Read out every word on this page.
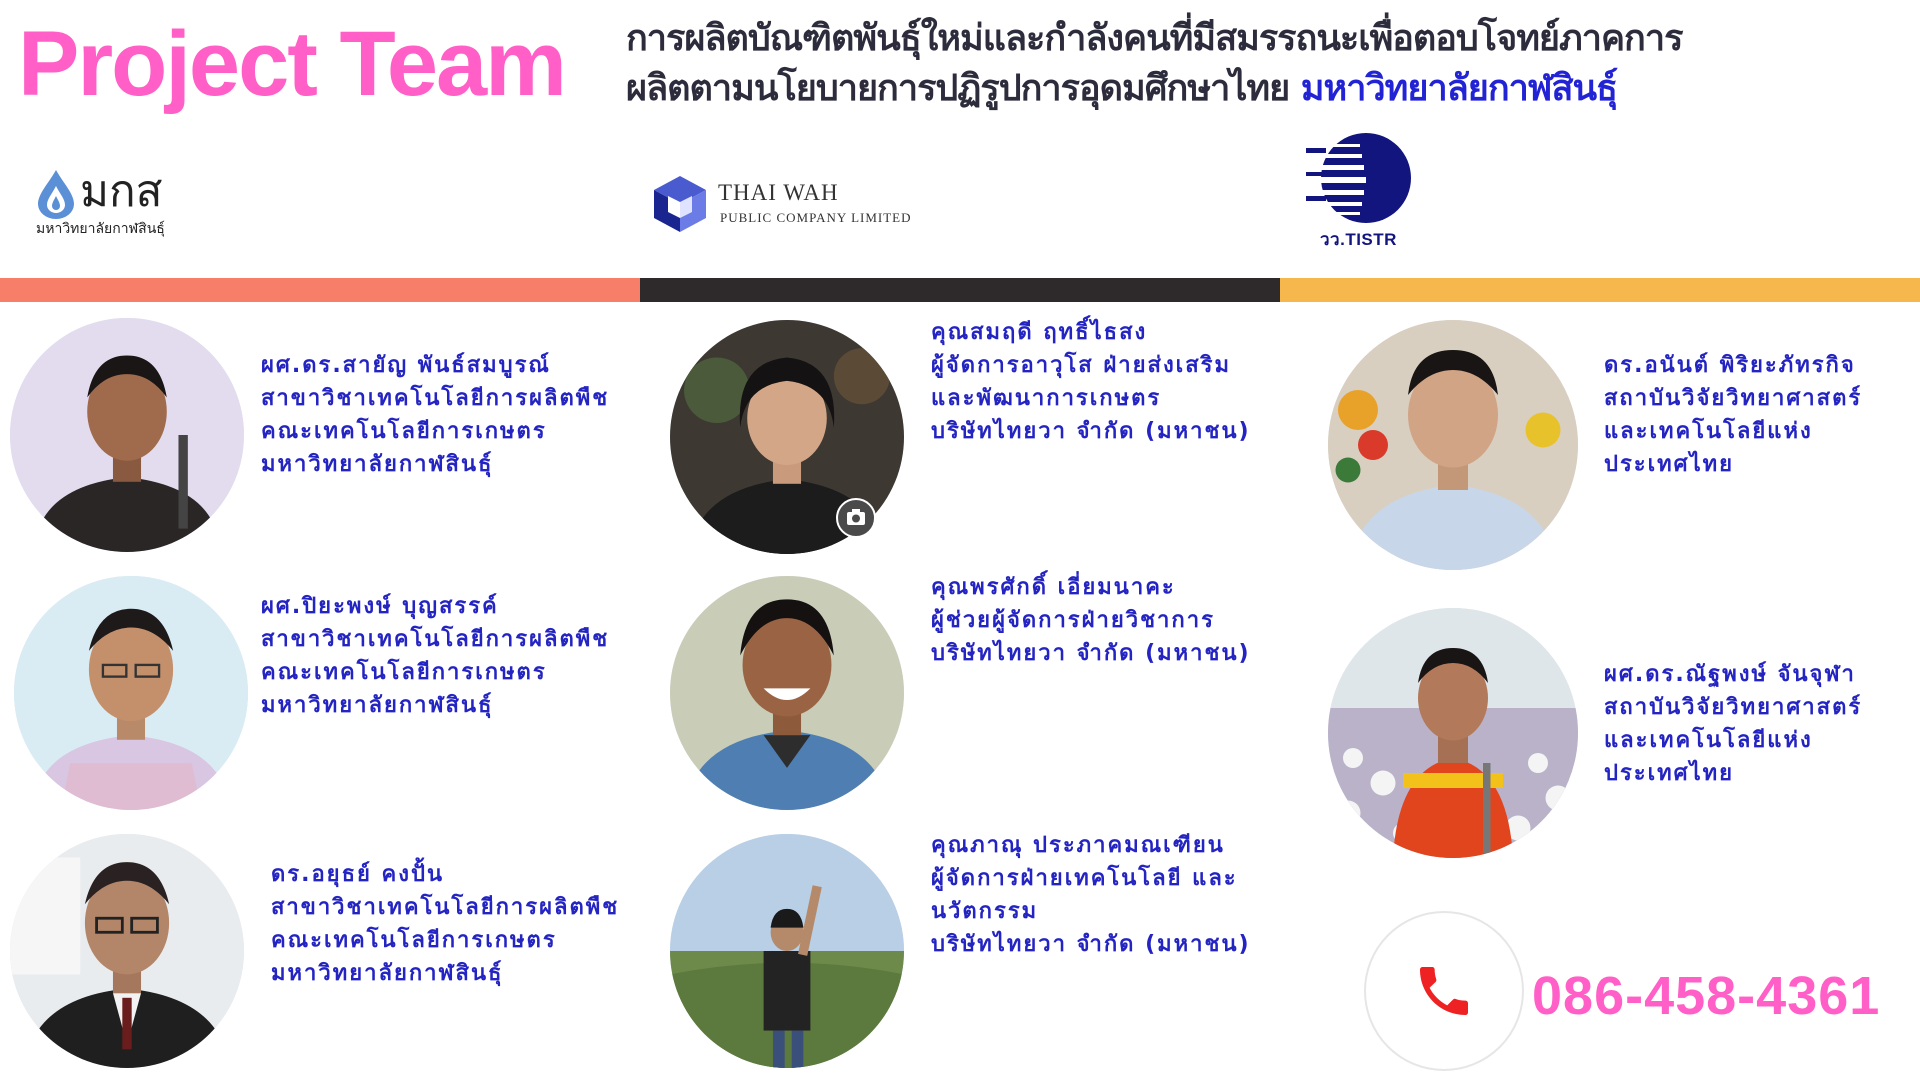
Project Team การผลิตบัณฑิตพันธุ์ใหม่และกำลังคนที่มีสมรรถนะเพื่อตอบโจทย์ภาคการ
ผลิตตามนโยบายการปฏิรูปการอุดมศึกษาไทย มหาวิทยาลัยกาฬสินธุ์
มกส
มหาวิทยาลัยกาฬสินธุ์
THAI WAH
PUBLIC COMPANY LIMITED
วว.TISTR
ผศ.ดร.สายัญ พันธ์สมบูรณ์
สาขาวิชาเทคโนโลยีการผลิตพืช
คณะเทคโนโลยีการเกษตร
มหาวิทยาลัยกาฬสินธุ์
ผศ.ปิยะพงษ์ บุญสรรค์
สาขาวิชาเทคโนโลยีการผลิตพืช
คณะเทคโนโลยีการเกษตร
มหาวิทยาลัยกาฬสินธุ์
ดร.อยุธย์ คงปั้น
สาขาวิชาเทคโนโลยีการผลิตพืช
คณะเทคโนโลยีการเกษตร
มหาวิทยาลัยกาฬสินธุ์
คุณสมฤดี ฤทธิ์ไธสง
ผู้จัดการอาวุโส ฝ่ายส่งเสริม
และพัฒนาการเกษตร
บริษัทไทยวา จำกัด (มหาชน)
คุณพรศักดิ์ เอี่ยมนาคะ
ผู้ช่วยผู้จัดการฝ่ายวิชาการ
บริษัทไทยวา จำกัด (มหาชน)
คุณภาณุ ประภาคมณเฑียน
ผู้จัดการฝ่ายเทคโนโลยี และ
นวัตกรรม
บริษัทไทยวา จำกัด (มหาชน)
ดร.อนันต์ พิริยะภัทรกิจ
สถาบันวิจัยวิทยาศาสตร์
และเทคโนโลยีแห่ง
ประเทศไทย
ผศ.ดร.ณัฐพงษ์ จันจุฬา
สถาบันวิจัยวิทยาศาสตร์
และเทคโนโลยีแห่ง
ประเทศไทย
086-458-4361
